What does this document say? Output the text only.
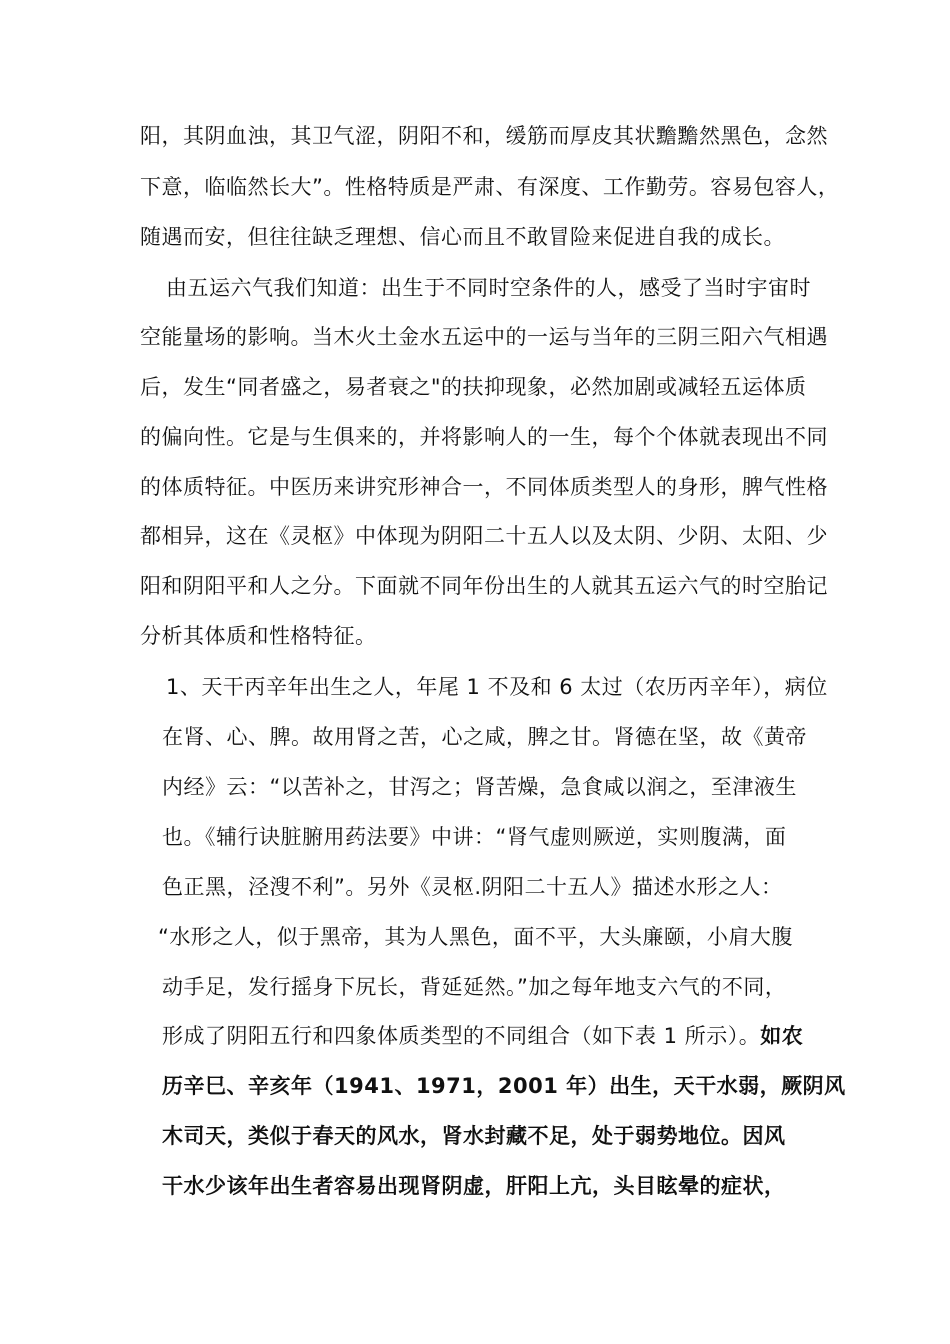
阳，其阴血浊，其卫气涩，阴阳不和，缓筋而厚皮其状黵黵然黑色，念然
下意，临临然长大”。性格特质是严肃、有深度、工作勤劳。容易包容人，
随遇而安，但往往缺乏理想、信心而且不敢冒险来促进自我的成长。
由五运六气我们知道：出生于不同时空条件的人，感受了当时宇宙时
空能量场的影响。当木火土金水五运中的一运与当年的三阴三阳六气相遇
后，发生“同者盛之，易者衰之"的扶抑现象，必然加剧或减轻五运体质
的偏向性。它是与生俱来的，并将影响人的一生，每个个体就表现出不同
的体质特征。中医历来讲究形神合一，不同体质类型人的身形，脾气性格
都相异，这在《灵枢》中体现为阴阳二十五人以及太阴、少阴、太阳、少
阳和阴阳平和人之分。下面就不同年份出生的人就其五运六气的时空胎记
分析其体质和性格特征。
1、天干丙辛年出生之人，年尾 1 不及和 6 太过（农历丙辛年），病位
在肾、心、脾。故用肾之苦，心之咸，脾之甘。肾德在坚，故《黄帝
内经》云：“以苦补之，甘泻之；肾苦燥，急食咸以润之，至津液生
也。《辅行诀脏腑用药法要》中讲：“肾气虚则厥逆，实则腹满，面
色正黑，泾溲不利”。另外《灵枢.阴阳二十五人》描述水形之人：
“水形之人，似于黑帝，其为人黑色，面不平，大头廉颐，小肩大腹
动手足，发行摇身下尻长，背延延然。”加之每年地支六气的不同，
形成了阴阳五行和四象体质类型的不同组合（如下表 1 所示）。如农
历辛巳、辛亥年（1941、1971，2001 年）出生，天干水弱，厥阴风
木司天，类似于春天的风水，肾水封藏不足，处于弱势地位。因风
干水少该年出生者容易出现肾阴虚，肝阳上亢，头目眩晕的症状，
